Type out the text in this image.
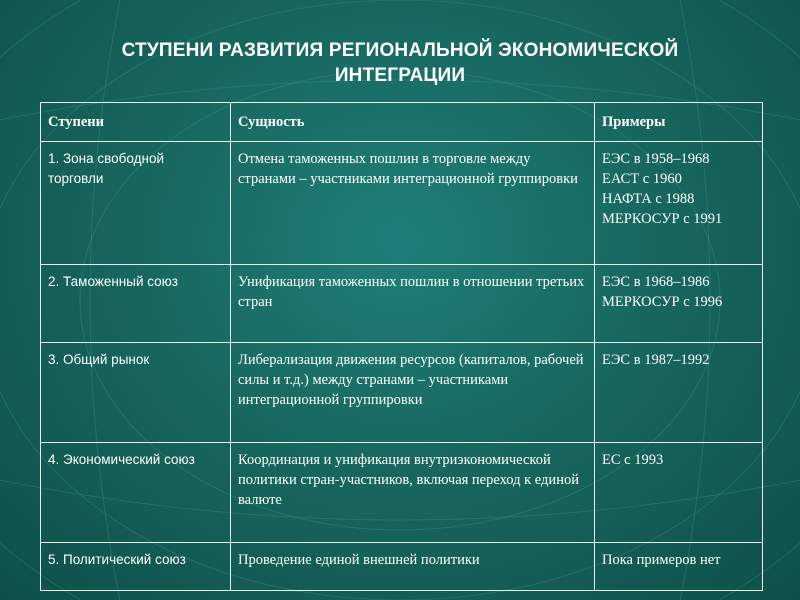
СТУПЕНИ РАЗВИТИЯ РЕГИОНАЛЬНОЙ ЭКОНОМИЧЕСКОЙ
ИНТЕГРАЦИИ
Ступени	Сущность	Примеры
1. Зона свободной торговли	Отмена таможенных пошлин в торговле между странами – участниками интеграционной группировки	ЕЭС в 1958–1968
ЕАСТ с 1960
НАФТА с 1988
МЕРКОСУР с 1991

2. Таможенный союз	Унификация таможенных пошлин в отношении третьих стран	ЕЭС в 1968–1986
МЕРКОСУР с 1996

3. Общий рынок	Либерализация движения ресурсов (капиталов, рабочей силы и т.д.) между странами – участниками интеграционной группировки	ЕЭС в 1987–1992

4. Экономический союз	Координация и унификация внутриэкономической политики стран-участников, включая переход к единой валюте	ЕС с 1993

5. Политический союз	Проведение единой внешней политики	Пока примеров нет
